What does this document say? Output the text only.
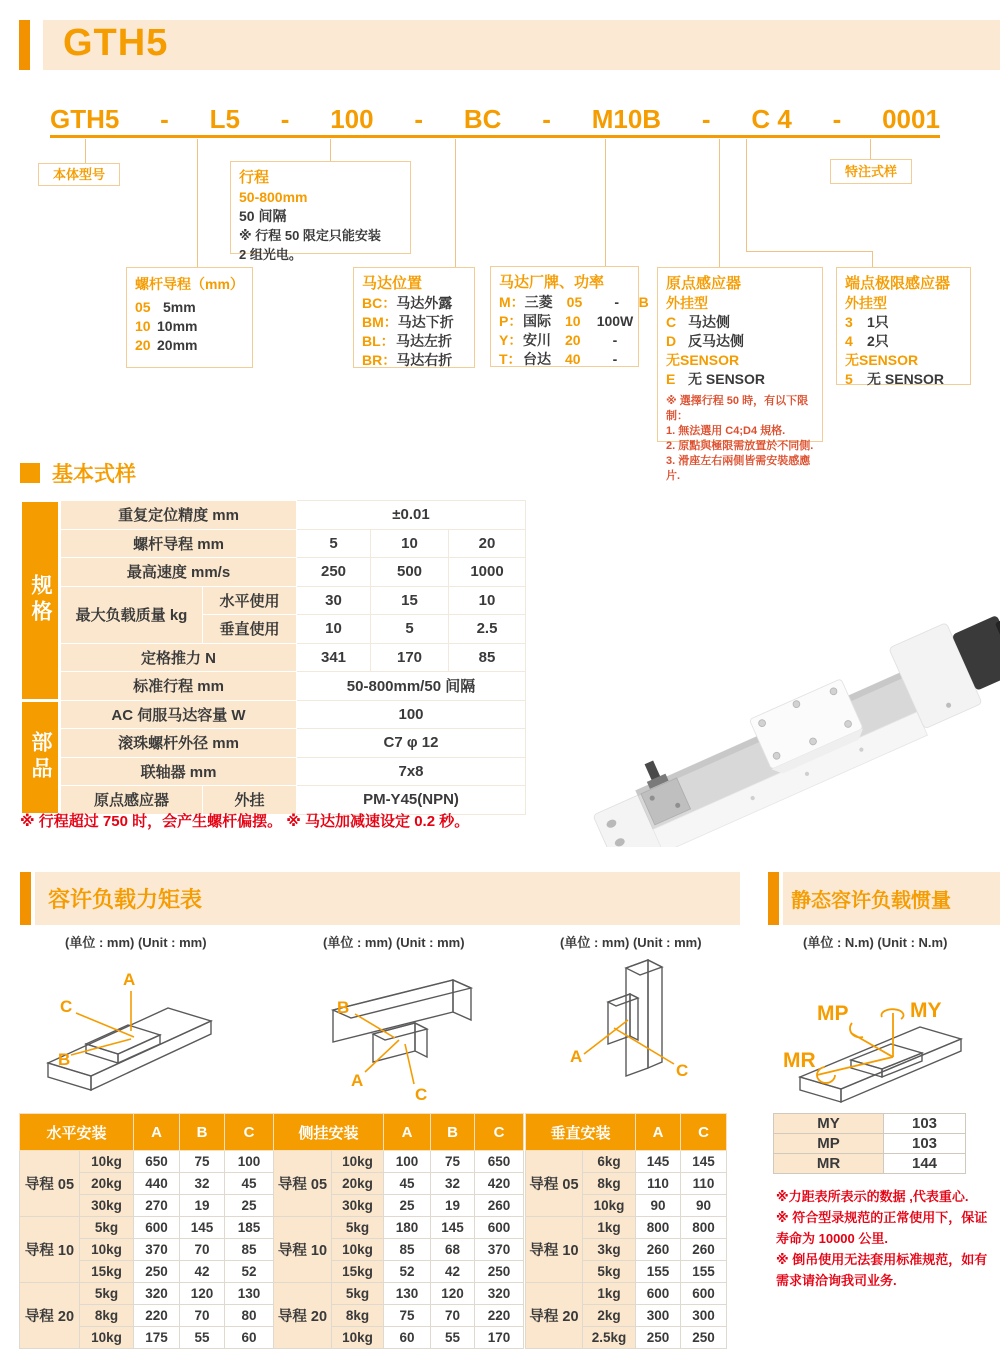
GTH5
GTH5 - L5 - 100 - BC - M10B - C 4 - 0001
本体型号	特注式样
行程
50-800mm
50 间隔
※ 行程 50 限定只能安装
2 组光电。
螺杆导程（mm）
05 5mm
10 10mm
20 20mm
马达位置
BC： 马达外露
BM： 马达下折
BL： 马达左折
BR： 马达右折
马达厂牌、功率
M： 三菱	05	-	B
P： 国际	10	100W
Y： 安川	20	-
T： 台达	40	-
原点感应器
外挂型
C 马达侧
D 反马达侧
无SENSOR
E 无 SENSOR
※ 選擇行程 50 時，有以下限制：
1. 無法選用 C4;D4 規格.
2. 原點與極限需放置於不同側.
3. 滑座左右兩側皆需安裝感應片.
端点极限感应器
外挂型
3	1只
4	2只
无SENSOR
5	无 SENSOR
基本式样
规格	重复定位精度 mm		±0.01		
	螺杆导程 mm		5	10	20
	最高速度 mm/s		250	500	1000
	最大负载质量 kg	水平使用	30	15	10
		垂直使用	10	5	2.5
	定格推力 N		341	170	85
	标准行程 mm		50-800mm/50 间隔		
部品	AC 伺服马达容量 W		100		
	滚珠螺杆外径 mm		C7 φ 12		
	联轴器 mm		7x8		
	原点感应器	外挂	PM-Y45(NPN)		
※ 行程超过 750 时，会产生螺杆偏摆。 ※ 马达加减速设定 0.2 秒。
容许负载力矩表	静态容许负载惯量
(单位 : mm) (Unit : mm)	(单位 : mm) (Unit : mm)	(单位 : mm) (Unit : mm)	(单位 : N.m) (Unit : N.m)
A
C
B
B
A
C
A
C
MY
MP
MR
水平安装		A	B	C
导程 05	10kg	650	75	100
	20kg	440	32	45
	30kg	270	19	25
导程 10	5kg	600	145	185
	10kg	370	70	85
	15kg	250	42	52
导程 20	5kg	320	120	130
	8kg	220	70	80
	10kg	175	55	60
侧挂安装		A	B	C
导程 05	10kg	100	75	650
	20kg	45	32	420
	30kg	25	19	260
导程 10	5kg	180	145	600
	10kg	85	68	370
	15kg	52	42	250
导程 20	5kg	130	120	320
	8kg	75	70	220
	10kg	60	55	170
垂直安装		A	C
导程 05	6kg	145	145
	8kg	110	110
	10kg	90	90
导程 10	1kg	800	800
	3kg	260	260
	5kg	155	155
导程 20	1kg	600	600
	2kg	300	300
	2.5kg	250	250
MY	103
MP	103
MR	144
※力距表所表示的数据 ,代表重心.
※ 符合型录规范的正常使用下，保证寿命为 10000 公里.
※ 倒吊使用无法套用标准规范，如有需求请洽询我司业务.
